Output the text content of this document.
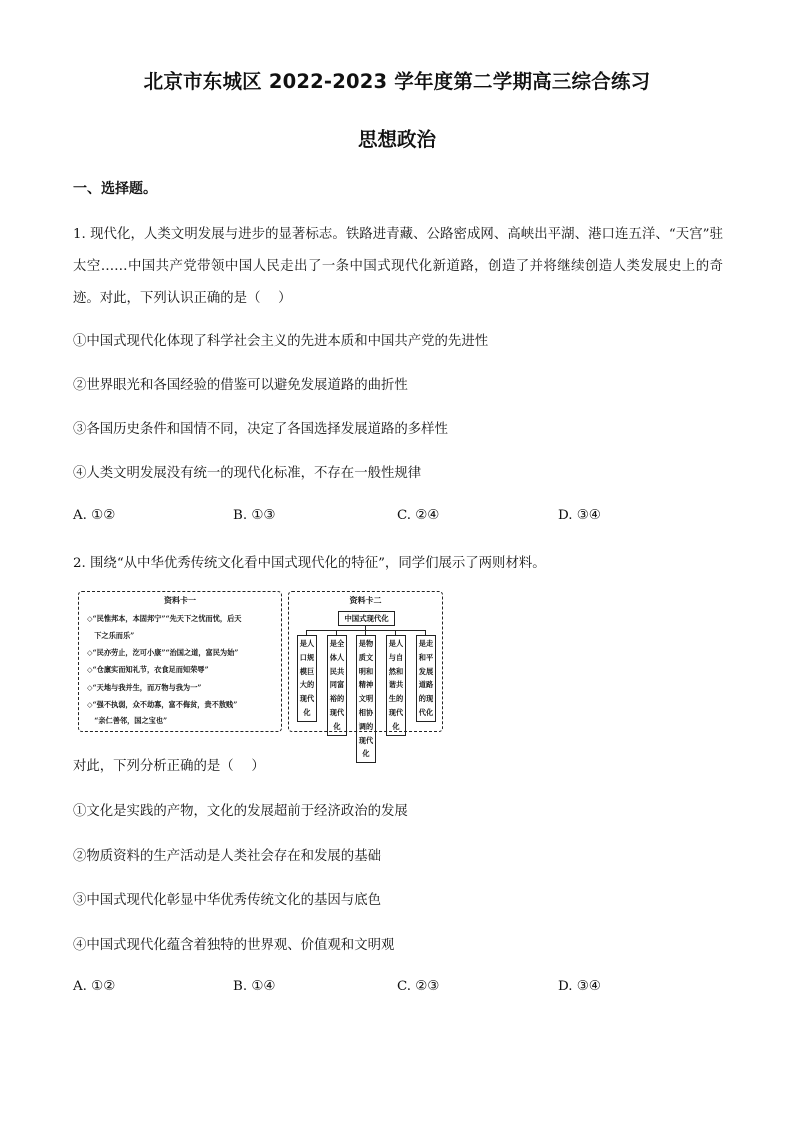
北京市东城区 2022-2023 学年度第二学期高三综合练习
思想政治
一、选择题。
1. 现代化，人类文明发展与进步的显著标志。铁路进青藏、公路密成网、高峡出平湖、港口连五洋、“天宫”驻太空……中国共产党带领中国人民走出了一条中国式现代化新道路，创造了并将继续创造人类发展史上的奇迹。对此，下列认识正确的是（　 ）
①中国式现代化体现了科学社会主义的先进本质和中国共产党的先进性
②世界眼光和各国经验的借鉴可以避免发展道路的曲折性
③各国历史条件和国情不同，决定了各国选择发展道路的多样性
④人类文明发展没有统一的现代化标准，不存在一般性规律
A. ①②	B. ①③	C. ②④	D. ③④
2. 围绕“从中华优秀传统文化看中国式现代化的特征”，同学们展示了两则材料。
资料卡一
◇“民惟邦本，本固邦宁”“先天下之忧而忧，后天
　下之乐而乐”
◇“民亦劳止，汔可小康”“治国之道，富民为始”
◇“仓廪实而知礼节，衣食足而知荣辱”
◇“天地与我并生，而万物与我为一”
◇“强不执弱，众不劫寡，富不侮贫，贵不敖贱”
　“亲仁善邻，国之宝也”
资料卡二
中国式现代化
是人口规模巨大的现代化
是全体人民共同富裕的现代化
是物质文明和精神文明相协调的现代化
是人与自然和谐共生的现代化
是走和平发展道路的现代化
对此，下列分析正确的是（　 ）
①文化是实践的产物，文化的发展超前于经济政治的发展
②物质资料的生产活动是人类社会存在和发展的基础
③中国式现代化彰显中华优秀传统文化的基因与底色
④中国式现代化蕴含着独特的世界观、价值观和文明观
A. ①②	B. ①④	C. ②③	D. ③④
